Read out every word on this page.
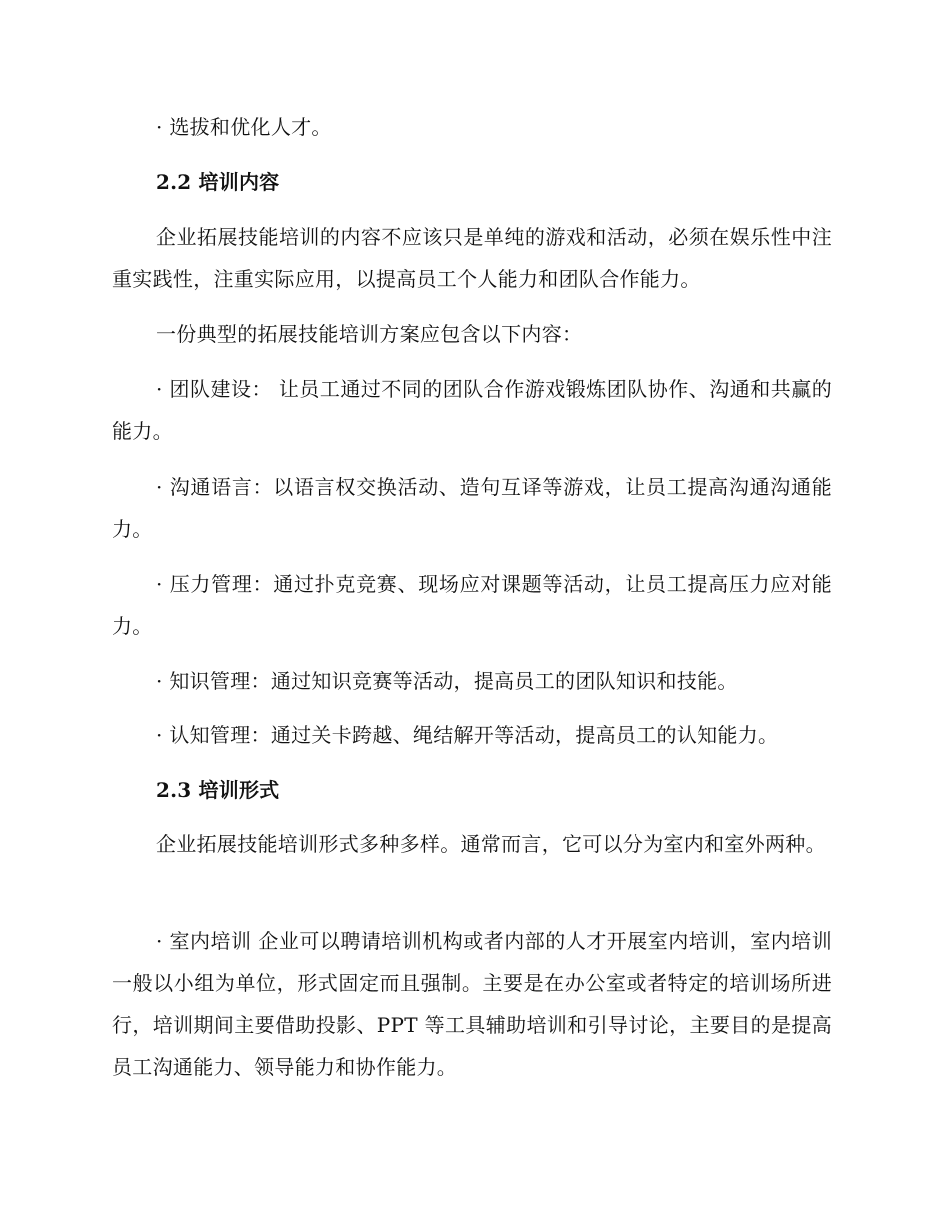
· 选拔和优化人才。

2.2 培训内容

企业拓展技能培训的内容不应该只是单纯的游戏和活动，必须在娱乐性中注重实践性，注重实际应用，以提高员工个人能力和团队合作能力。

一份典型的拓展技能培训方案应包含以下内容：

· 团队建设： 让员工通过不同的团队合作游戏锻炼团队协作、沟通和共赢的能力。

· 沟通语言：以语言权交换活动、造句互译等游戏，让员工提高沟通沟通能力。

· 压力管理：通过扑克竞赛、现场应对课题等活动，让员工提高压力应对能力。

· 知识管理：通过知识竞赛等活动，提高员工的团队知识和技能。

· 认知管理：通过关卡跨越、绳结解开等活动，提高员工的认知能力。

2.3 培训形式

企业拓展技能培训形式多种多样。通常而言，它可以分为室内和室外两种。

· 室内培训 企业可以聘请培训机构或者内部的人才开展室内培训，室内培训一般以小组为单位，形式固定而且强制。主要是在办公室或者特定的培训场所进行，培训期间主要借助投影、PPT 等工具辅助培训和引导讨论，主要目的是提高员工沟通能力、领导能力和协作能力。
